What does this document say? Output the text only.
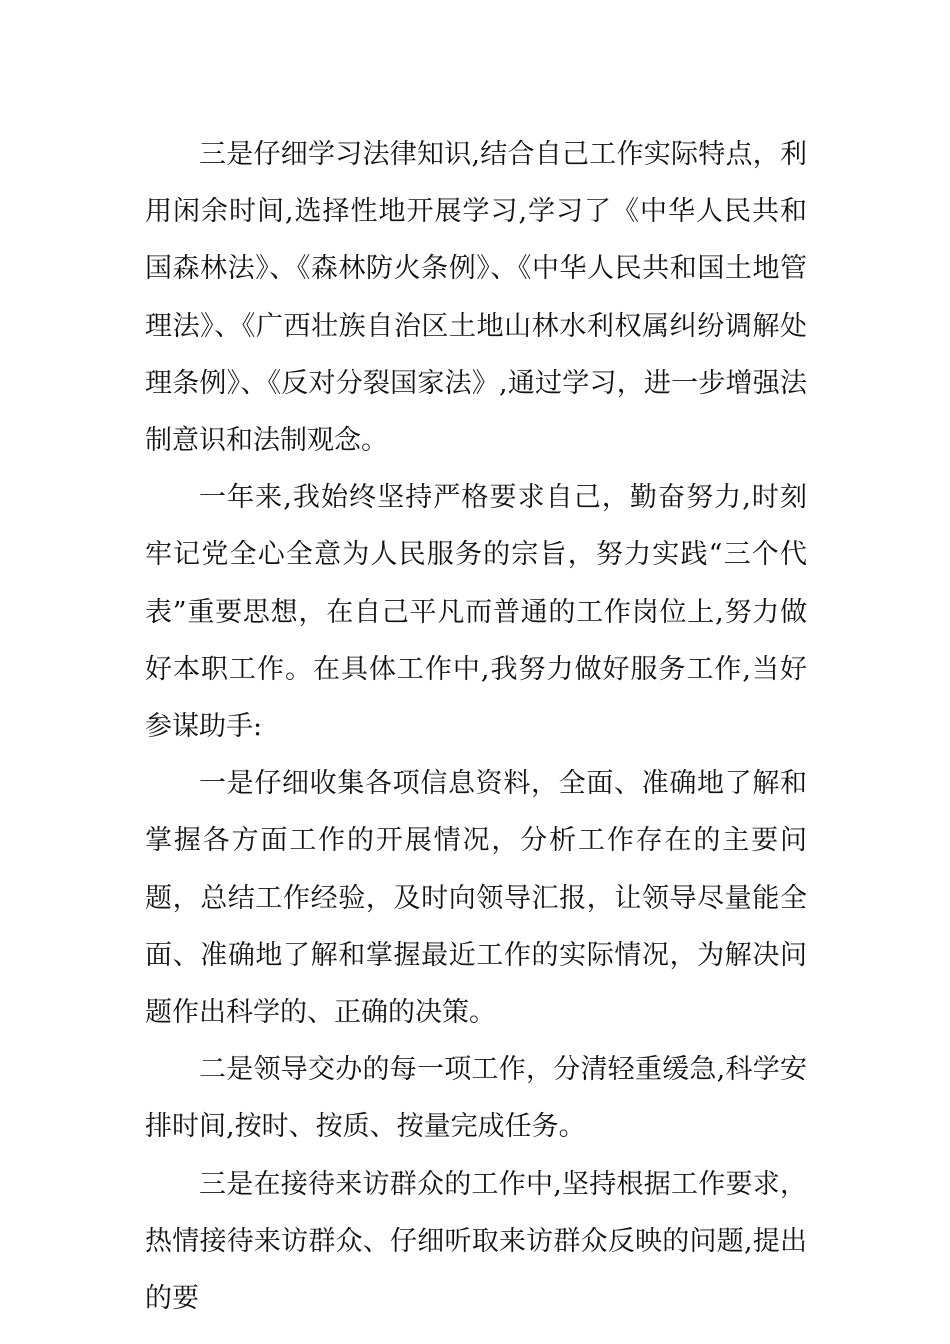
三是仔细学习法律知识,结合自己工作实际特点，利用闲余时间,选择性地开展学习,学习了《中华人民共和国森林法》、《森林防火条例》、《中华人民共和国土地管理法》、《广西壮族自治区土地山林水利权属纠纷调解处理条例》、《反对分裂国家法》,通过学习，进一步增强法制意识和法制观念。

一年来,我始终坚持严格要求自己，勤奋努力,时刻牢记党全心全意为人民服务的宗旨，努力实践“三个代表”重要思想，在自己平凡而普通的工作岗位上,努力做好本职工作。在具体工作中,我努力做好服务工作,当好参谋助手:

一是仔细收集各项信息资料，全面、准确地了解和掌握各方面工作的开展情况，分析工作存在的主要问题，总结工作经验，及时向领导汇报，让领导尽量能全面、准确地了解和掌握最近工作的实际情况，为解决问题作出科学的、正确的决策。

二是领导交办的每一项工作，分清轻重缓急,科学安排时间,按时、按质、按量完成任务。

三是在接待来访群众的工作中,坚持根据工作要求，热情接待来访群众、仔细听取来访群众反映的问题,提出的要
